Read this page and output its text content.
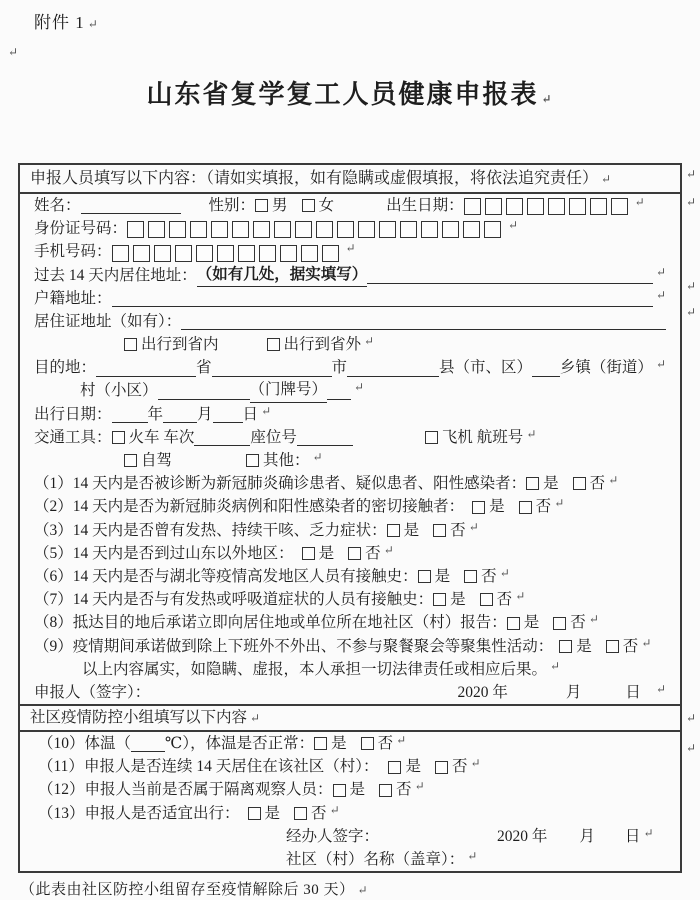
附件 1 ↵
↵
山东省复学复工人员健康申报表 ↵
申报人员填写以下内容：（请如实填报，如有隐瞒或虚假填报，将依法追究责任） ↵
姓名：	性别： 男 女	出生日期：	↵
身份证号码：	↵
手机号码：	↵
过去 14 天内居住地址： （如有几处，据实填写）	↵
户籍地址：	↵
居住证地址（如有）：
出行到省内	出行到省外 ↵
目的地：	省	市	县（市、区） 乡镇（街道） ↵
村（小区）	（门牌号） ↵
出行日期： 年 月 日 ↵
交通工具： 火车 车次	座位号	飞机 航班号 ↵
自驾	其他： ↵
（1） 14 天内是否被诊断为新冠肺炎确诊患者、疑似患者、阳性感染者： 是 否 ↵
（2） 14 天内是否为新冠肺炎病例和阳性感染者的密切接触者： 是 否 ↵
（3） 14 天内是否曾有发热、持续干咳、乏力症状： 是 否 ↵
（5） 14 天内是否到过山东以外地区： 是 否 ↵
（6） 14 天内是否与湖北等疫情高发地区人员有接触史： 是 否 ↵
（7） 14 天内是否与有发热或呼吸道症状的人员有接触史： 是 否 ↵
（8） 抵达目的地后承诺立即向居住地或单位所在地社区（村）报告： 是 否 ↵
（9） 疫情期间承诺做到除上下班外不外出、不参与聚餐聚会等聚集性活动： 是 否 ↵
以上内容属实，如隐瞒、虚报，本人承担一切法律责任或相应后果。 ↵
申报人（签字）：	2020 年	月	日 ↵
社区疫情防控小组填写以下内容 ↵
（10） 体温（ ℃），体温是否正常： 是 否 ↵
（11） 申报人是否连续 14 天居住在该社区（村）： 是 否 ↵
（12） 申报人当前是否属于隔离观察人员： 是 否 ↵
（13） 申报人是否适宜出行： 是 否 ↵
经办人签字：	2020 年 月 日 ↵
社区（村）名称（盖章）： ↵
↵
↵
↵
↵
↵
↵
（此表由社区防控小组留存至疫情解除后 30 天） ↵
